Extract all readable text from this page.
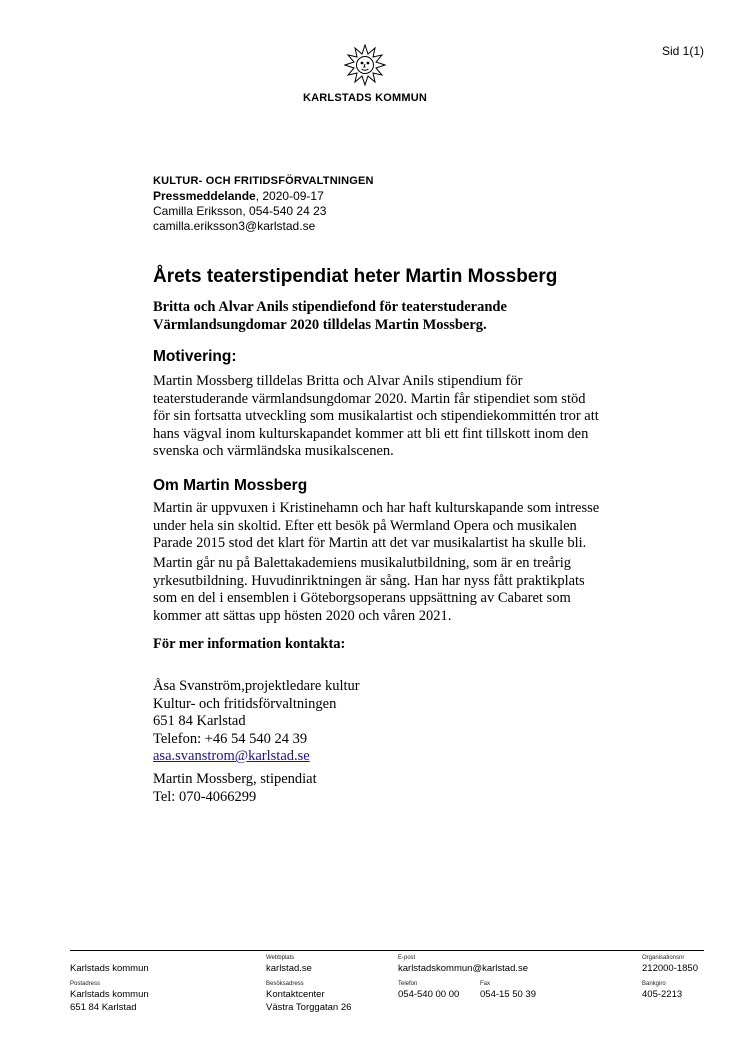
Sid 1(1)
KARLSTADS KOMMUN
KULTUR- OCH FRITIDSFÖRVALTNINGEN
Pressmeddelande, 2020-09-17
Camilla Eriksson, 054-540 24 23
camilla.eriksson3@karlstad.se
Årets teaterstipendiat heter Martin Mossberg
Britta och Alvar Anils stipendiefond för teaterstuderande
Värmlandsungdomar 2020 tilldelas Martin Mossberg.
Motivering:
Martin Mossberg tilldelas Britta och Alvar Anils stipendium för
teaterstuderande värmlandsungdomar 2020. Martin får stipendiet som stöd
för sin fortsatta utveckling som musikalartist och stipendiekommittén tror att
hans vägval inom kulturskapandet kommer att bli ett fint tillskott inom den
svenska och värmländska musikalscenen.
Om Martin Mossberg
Martin är uppvuxen i Kristinehamn och har haft kulturskapande som intresse
under hela sin skoltid. Efter ett besök på Wermland Opera och musikalen
Parade 2015 stod det klart för Martin att det var musikalartist ha skulle bli.
Martin går nu på Balettakademiens musikalutbildning, som är en treårig
yrkesutbildning. Huvudinriktningen är sång. Han har nyss fått praktikplats
som en del i ensemblen i Göteborgsoperans uppsättning av Cabaret som
kommer att sättas upp hösten 2020 och våren 2021.
För mer information kontakta:
Åsa Svanström,projektledare kultur
Kultur- och fritidsförvaltningen
651 84 Karlstad
Telefon: +46 54 540 24 39
asa.svanstrom@karlstad.se
Martin Mossberg, stipendiat
Tel: 070-4066299
Karlstads kommun
Webbplats
karlstad.se
E-post
karlstadskommun@karlstad.se
Organisationsnr
212000-1850
Postadress
Karlstads kommun
651 84 Karlstad
Besöksadress
Kontaktcenter
Västra Torggatan 26
Telefon
054-540 00 00
Fax
054-15 50 39
Bankgiro
405-2213
